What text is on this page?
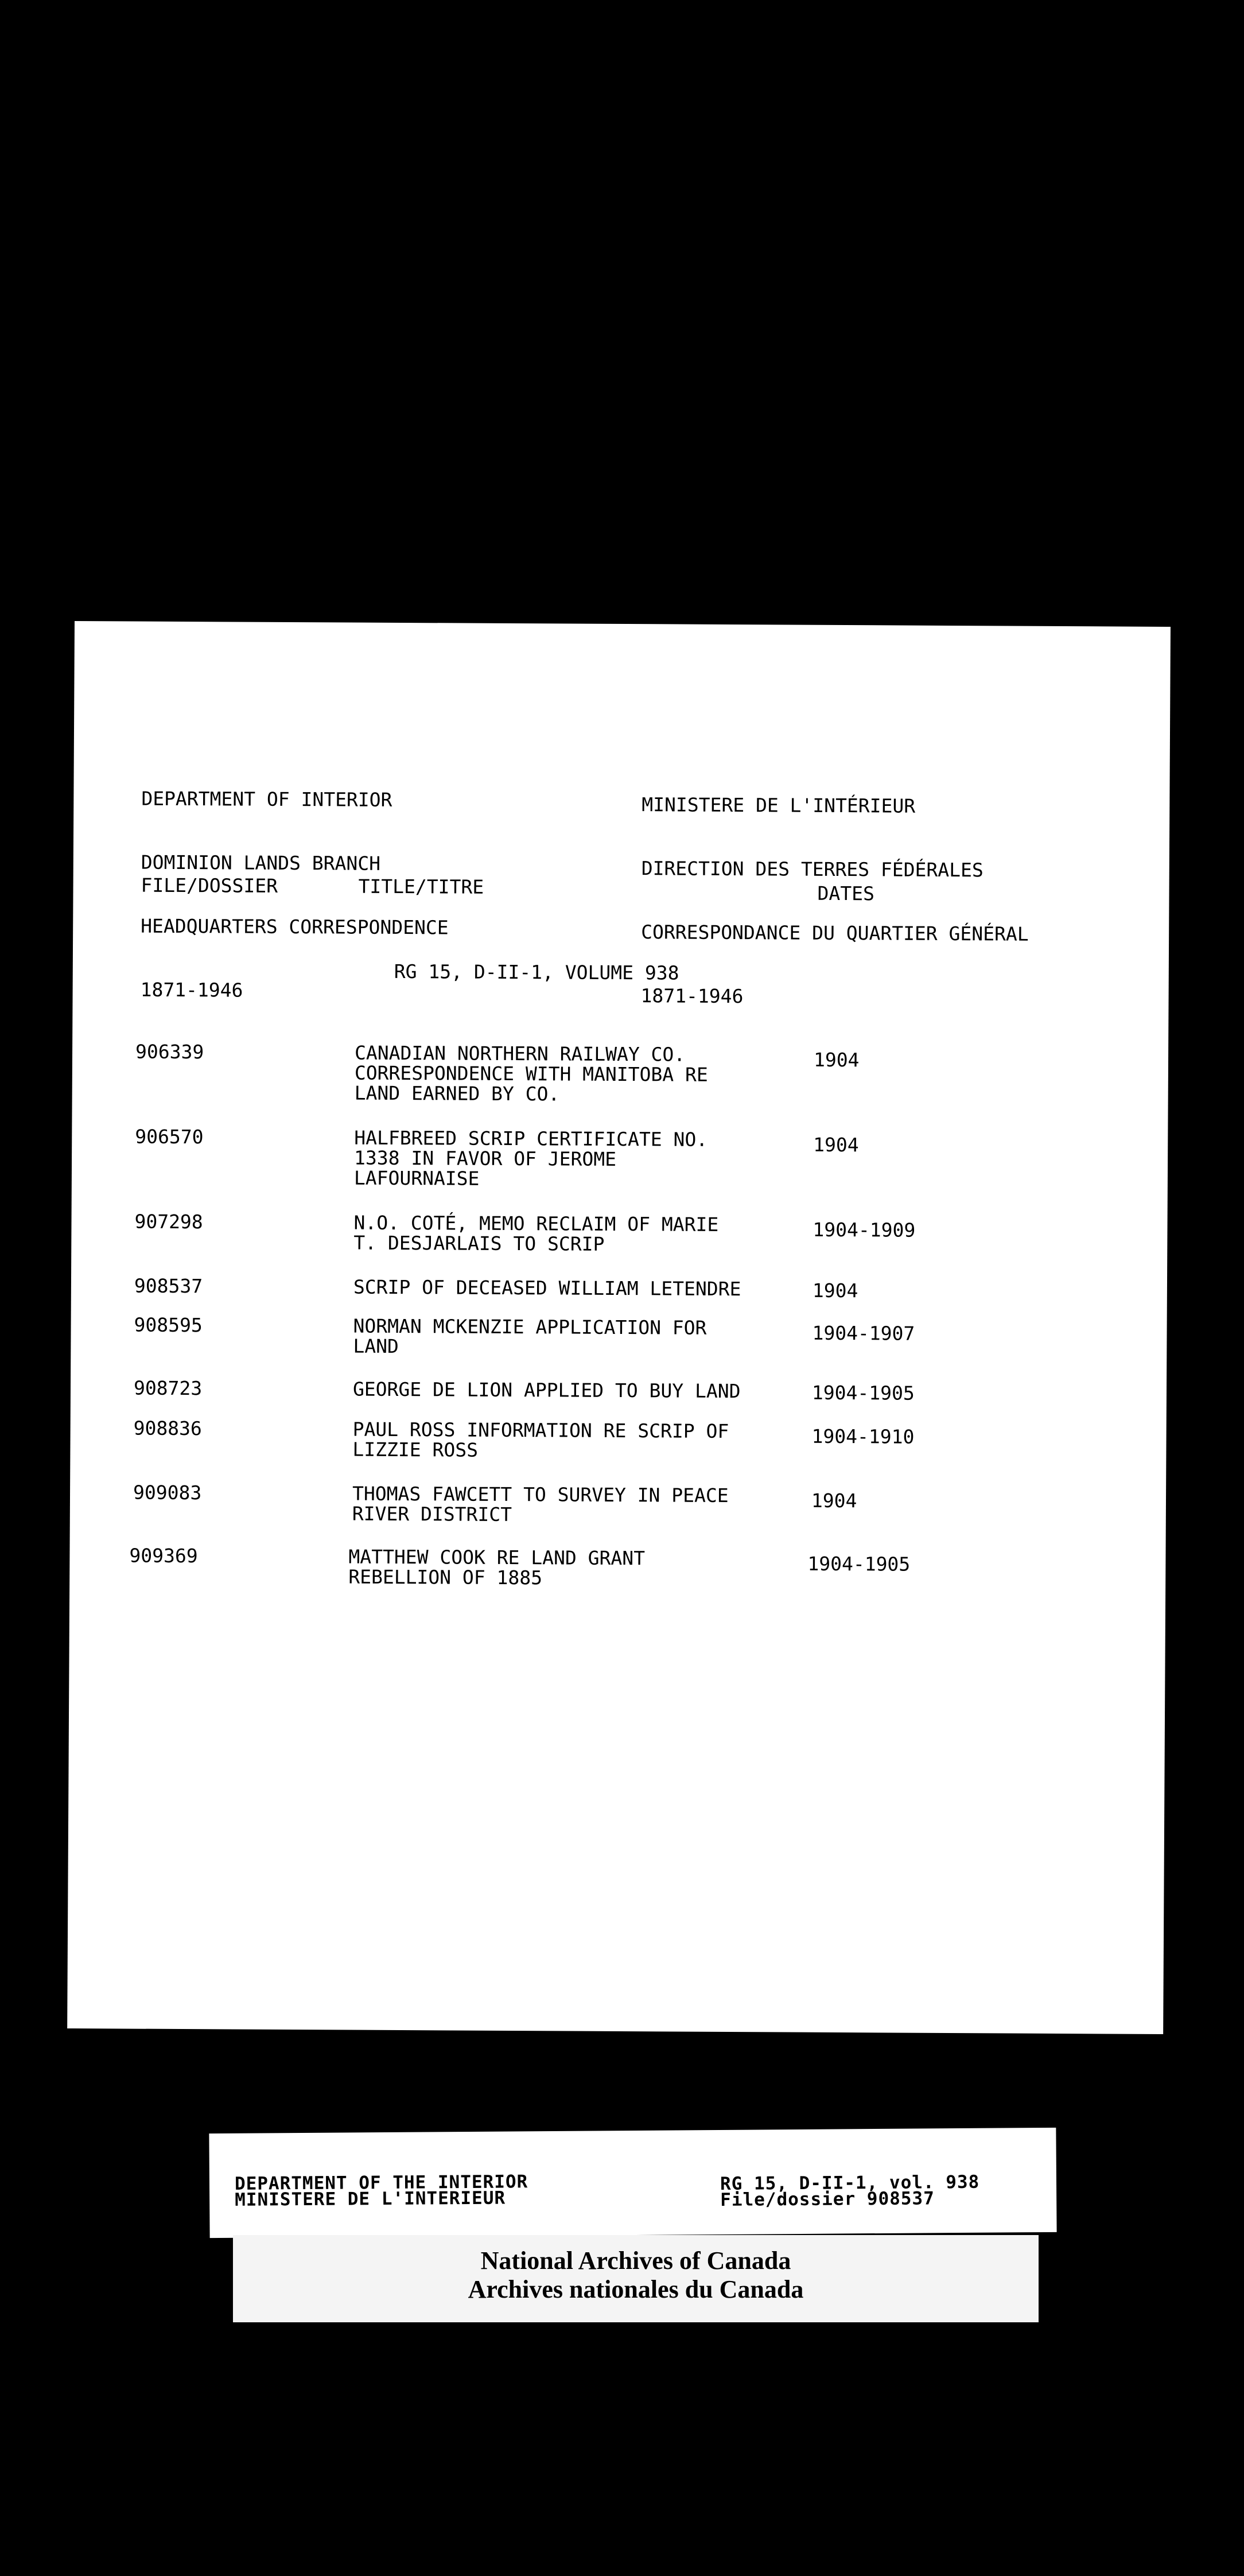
DEPARTMENT OF INTERIOR

DOMINION LANDS BRANCH

HEADQUARTERS CORRESPONDENCE

1871-1946

MINISTERE DE L'INTÉRIEUR

DIRECTION DES TERRES FÉDÉRALES

CORRESPONDANCE DU QUARTIER GÉNÉRAL

1871-1946

FILE/DOSSIER	TITLE/TITRE	DATES
RG 15, D-II-1, VOLUME 938
906339	CANADIAN NORTHERN RAILWAY CO.
CORRESPONDENCE WITH MANITOBA RE
LAND EARNED BY CO.
1904
906570	HALFBREED SCRIP CERTIFICATE NO.
1338 IN FAVOR OF JEROME
LAFOURNAISE
1904
907298	N.O. COTÉ, MEMO RECLAIM OF MARIE
T. DESJARLAIS TO SCRIP
1904-1909
908537	SCRIP OF DECEASED WILLIAM LETENDRE	1904
908595	NORMAN MCKENZIE APPLICATION FOR
LAND
1904-1907
908723	GEORGE DE LION APPLIED TO BUY LAND	1904-1905
908836	PAUL ROSS INFORMATION RE SCRIP OF
LIZZIE ROSS
1904-1910
909083	THOMAS FAWCETT TO SURVEY IN PEACE
RIVER DISTRICT
1904
909369	MATTHEW COOK RE LAND GRANT
REBELLION OF 1885
1904-1905
DEPARTMENT OF THE INTERIOR
MINISTERE DE L'INTERIEUR
RG 15, D-II-1, vol. 938
File/dossier 908537
National Archives of Canada
Archives nationales du Canada
